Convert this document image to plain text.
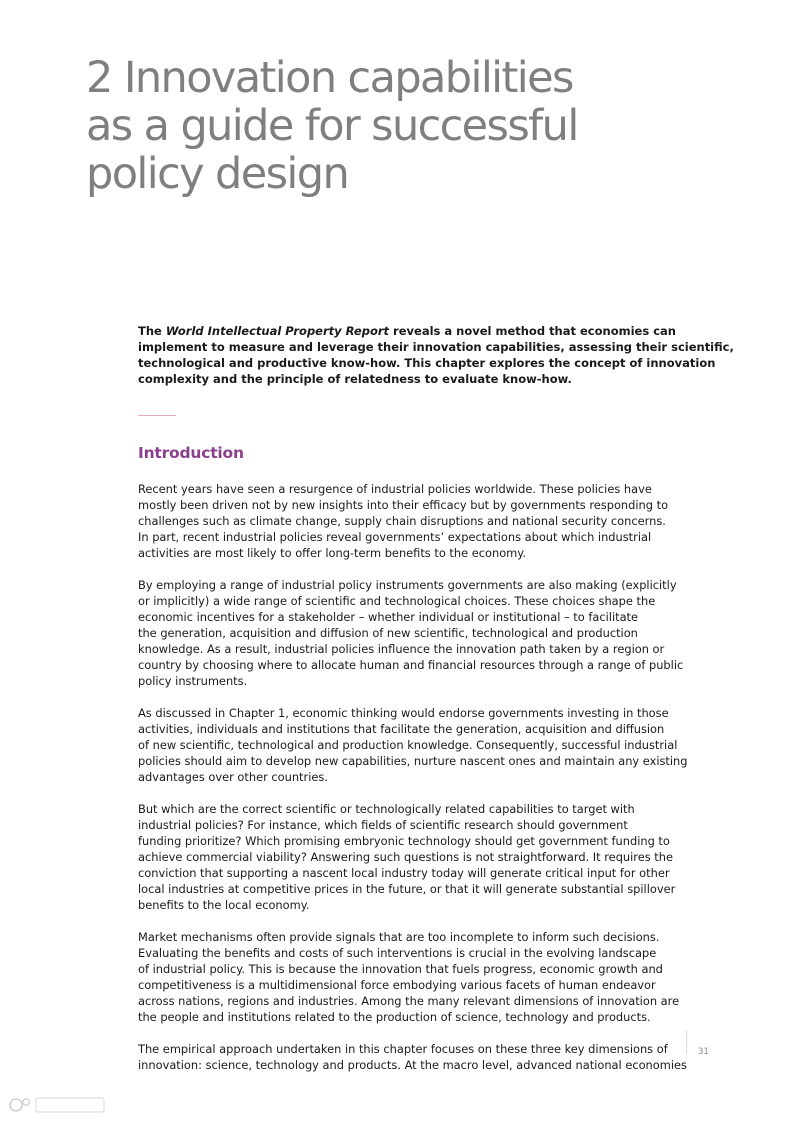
2 Innovation capabilities
as a guide for successful
policy design

The World Intellectual Property Report reveals a novel method that economies can
implement to measure and leverage their innovation capabilities, assessing their scientific,
technological and productive know-how. This chapter explores the concept of innovation
complexity and the principle of relatedness to evaluate know-how.

Introduction

Recent years have seen a resurgence of industrial policies worldwide. These policies have
mostly been driven not by new insights into their efficacy but by governments responding to
challenges such as climate change, supply chain disruptions and national security concerns.
In part, recent industrial policies reveal governments’ expectations about which industrial
activities are most likely to offer long-term benefits to the economy.

By employing a range of industrial policy instruments governments are also making (explicitly
or implicitly) a wide range of scientific and technological choices. These choices shape the
economic incentives for a stakeholder – whether individual or institutional – to facilitate
the generation, acquisition and diffusion of new scientific, technological and production
knowledge. As a result, industrial policies influence the innovation path taken by a region or
country by choosing where to allocate human and financial resources through a range of public
policy instruments.

As discussed in Chapter 1, economic thinking would endorse governments investing in those
activities, individuals and institutions that facilitate the generation, acquisition and diffusion
of new scientific, technological and production knowledge. Consequently, successful industrial
policies should aim to develop new capabilities, nurture nascent ones and maintain any existing
advantages over other countries.

But which are the correct scientific or technologically related capabilities to target with
industrial policies? For instance, which fields of scientific research should government
funding prioritize? Which promising embryonic technology should get government funding to
achieve commercial viability? Answering such questions is not straightforward. It requires the
conviction that supporting a nascent local industry today will generate critical input for other
local industries at competitive prices in the future, or that it will generate substantial spillover
benefits to the local economy.

Market mechanisms often provide signals that are too incomplete to inform such decisions.
Evaluating the benefits and costs of such interventions is crucial in the evolving landscape
of industrial policy. This is because the innovation that fuels progress, economic growth and
competitiveness is a multidimensional force embodying various facets of human endeavor
across nations, regions and industries. Among the many relevant dimensions of innovation are
the people and institutions related to the production of science, technology and products.

The empirical approach undertaken in this chapter focuses on these three key dimensions of
innovation: science, technology and products. At the macro level, advanced national economies

31
